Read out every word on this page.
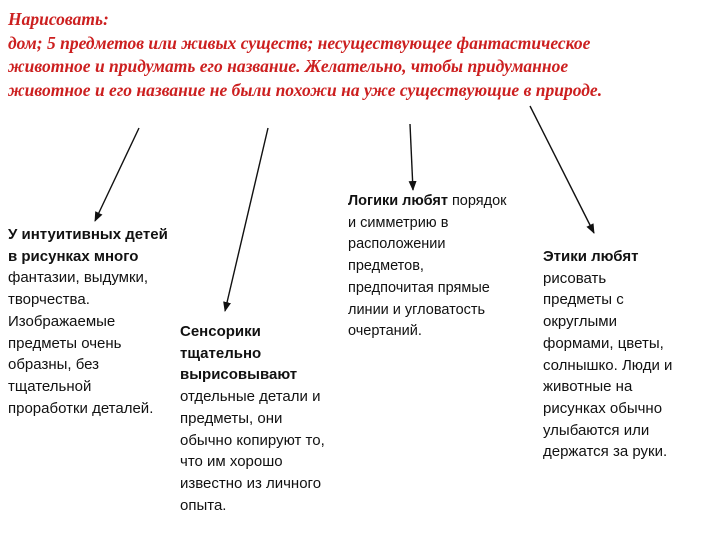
Нарисовать:
дом; 5 предметов или живых существ; несуществующее фантастическое
животное и придумать его название. Желательно, чтобы придуманное
животное и его название не были похожи на уже существующие в природе.
У интуитивных детей
в рисунках много
фантазии, выдумки,
творчества.
Изображаемые
предметы очень
образны, без
тщательной
проработки деталей.
Сенсорики
тщательно
вырисовывают
отдельные детали и
предметы, они
обычно копируют то,
что им хорошо
известно из личного
опыта.
Логики любят порядок
и симметрию в
расположении
предметов,
предпочитая прямые
линии и угловатость
очертаний.
Этики любят
рисовать
предметы с
округлыми
формами, цветы,
солнышко. Люди и
животные на
рисунках обычно
улыбаются или
держатся за руки.
